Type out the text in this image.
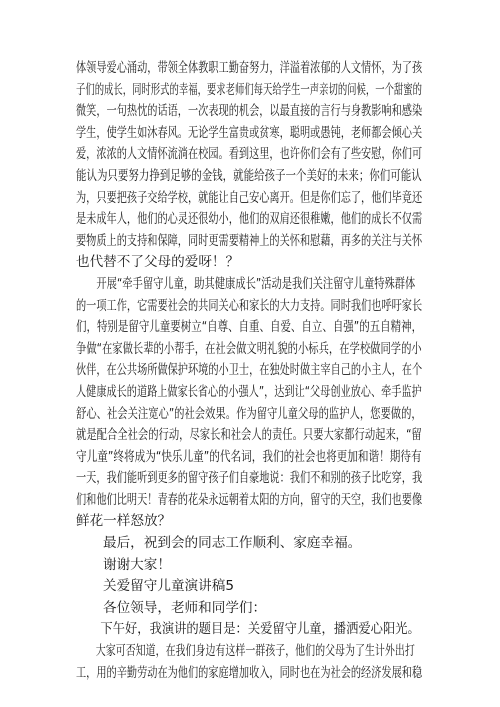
体领导爱心涌动，带领全体教职工勤奋努力，洋溢着浓郁的人文情怀，为了孩
子们的成长，同时形式的幸福，要求老师们每天给学生一声亲切的问候，一个甜蜜的
微笑，一句热忱的话语，一次表现的机会，以最直接的言行与身教影响和感染
学生，使学生如沐春风。无论学生富贵或贫寒，聪明或愚钝，老师都会倾心关
爱，浓浓的人文情怀流淌在校园。看到这里，也许你们会有了些安慰，你们可
能认为只要努力挣到足够的金钱，就能给孩子一个美好的未来；你们可能认
为，只要把孩子交给学校，就能让自己安心离开。但是你们忘了，他们毕竟还
是未成年人，他们的心灵还很幼小，他们的双肩还很稚嫩，他们的成长不仅需
要物质上的支持和保障，同时更需要精神上的关怀和慰藉，再多的关注与关怀
也代替不了父母的爱呀！？
开展“牵手留守儿童，助其健康成长”活动是我们关注留守儿童特殊群体
的一项工作，它需要社会的共同关心和家长的大力支持。同时我们也呼吁家长
们，特别是留守儿童要树立“自尊、自重、自爱、自立、自强”的五自精神，
争做“在家做长辈的小帮手，在社会做文明礼貌的小标兵，在学校做同学的小
伙伴，在公共场所做保护环境的小卫士，在独处时做主宰自己的小主人，在个
人健康成长的道路上做家长省心的小强人”，达到让“父母创业放心、牵手监护
舒心、社会关注宽心”的社会效果。作为留守儿童父母的监护人，您要做的，
就是配合全社会的行动，尽家长和社会人的责任。只要大家都行动起来，“留
守儿童”终将成为“快乐儿童”的代名词，我们的社会也将更加和谐！期待有
一天，我们能听到更多的留守孩子们自豪地说：我们不和别的孩子比吃穿，我
们和他们比明天！青春的花朵永远朝着太阳的方向，留守的天空，我们也要像
鲜花一样怒放？
最后，祝到会的同志工作顺利、家庭幸福。
谢谢大家！
关爱留守儿童演讲稿5
各位领导，老师和同学们：
下午好，我演讲的题目是：关爱留守儿童，播洒爱心阳光。
大家可否知道，在我们身边有这样一群孩子，他们的父母为了生计外出打
工，用的辛勤劳动在为他们的家庭增加收入，同时也在为社会的经济发展和稳
